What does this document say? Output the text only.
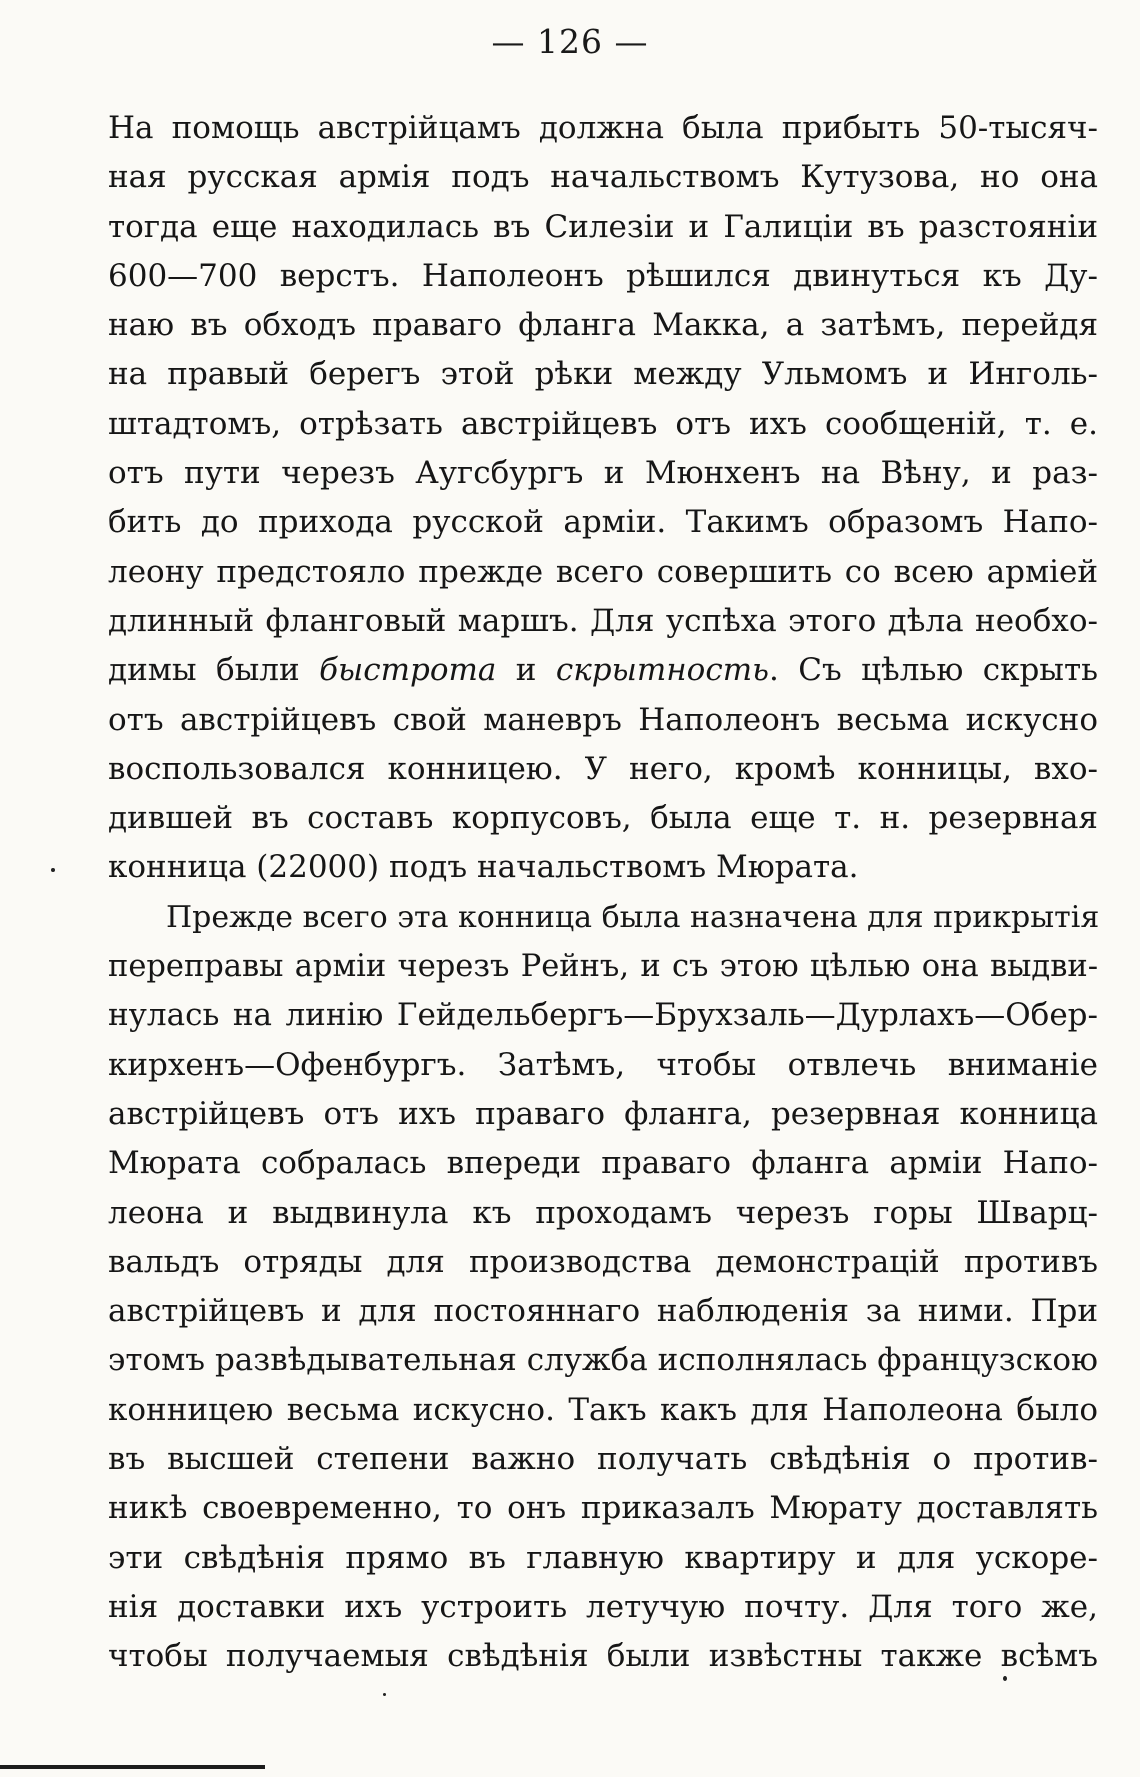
— 126 —
На помощь австрійцамъ должна была прибыть 50-тысяч-
ная русская армія подъ начальствомъ Кутузова, но она
тогда еще находилась въ Силезіи и Галиціи въ разстояніи
600—700 верстъ. Наполеонъ рѣшился двинуться къ Ду-
наю въ обходъ праваго фланга Макка, а затѣмъ, перейдя
на правый берегъ этой рѣки между Ульмомъ и Инголь-
штадтомъ, отрѣзать австрійцевъ отъ ихъ сообщеній, т. е.
отъ пути черезъ Аугсбургъ и Мюнхенъ на Вѣну, и раз-
бить до прихода русской арміи. Такимъ образомъ Напо-
леону предстояло прежде всего совершить со всею арміей
длинный фланговый маршъ. Для успѣха этого дѣла необхо-
димы были быстрота и скрытность. Съ цѣлью скрыть
отъ австрійцевъ свой маневръ Наполеонъ весьма искусно
воспользовался конницею. У него, кромѣ конницы, вхо-
дившей въ составъ корпусовъ, была еще т. н. резервная
конница (22000) подъ начальствомъ Мюрата.
Прежде всего эта конница была назначена для прикрытія
переправы арміи черезъ Рейнъ, и съ этою цѣлью она выдви-
нулась на линію Гейдельбергъ—Брухзаль—Дурлахъ—Обер-
кирхенъ—Офенбургъ. Затѣмъ, чтобы отвлечь вниманіе
австрійцевъ отъ ихъ праваго фланга, резервная конница
Мюрата собралась впереди праваго фланга арміи Напо-
леона и выдвинула къ проходамъ черезъ горы Шварц-
вальдъ отряды для производства демонстрацій противъ
австрійцевъ и для постояннаго наблюденія за ними. При
этомъ развѣдывательная служба исполнялась французскою
конницею весьма искусно. Такъ какъ для Наполеона было
въ высшей степени важно получать свѣдѣнія о против-
никѣ своевременно, то онъ приказалъ Мюрату доставлять
эти свѣдѣнія прямо въ главную квартиру и для ускоре-
нія доставки ихъ устроить летучую почту. Для того же,
чтобы получаемыя свѣдѣнія были извѣстны также всѣмъ
